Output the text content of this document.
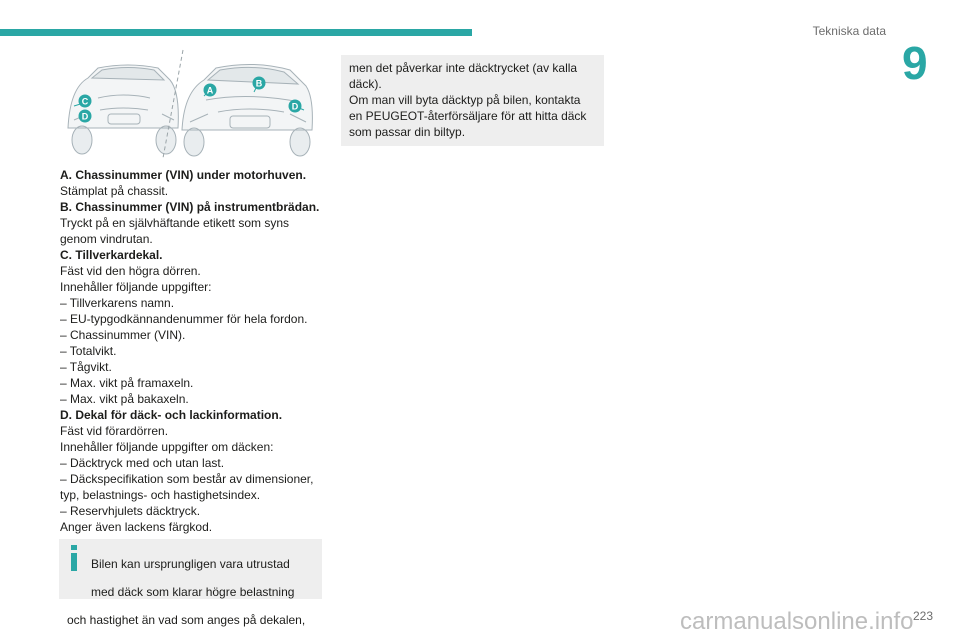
Tekniska data
9
C
D
A
B
D

A. Chassinummer (VIN) under motorhuven.

Stämplat på chassit.

B. Chassinummer (VIN) på instrumentbrädan.

Tryckt på en självhäftande etikett som syns

genom vindrutan.

C. Tillverkardekal.

Fäst vid den högra dörren.

Innehåller följande uppgifter:

– Tillverkarens namn.

– EU-typgodkännandenummer för hela fordon.

– Chassinummer (VIN).

– Totalvikt.

– Tågvikt.

– Max. vikt på framaxeln.

– Max. vikt på bakaxeln.

D. Dekal för däck- och lackinformation.

Fäst vid förardörren.

Innehåller följande uppgifter om däcken:

– Däcktryck med och utan last.

– Däckspecifikation som består av dimensioner,

typ, belastnings- och hastighetsindex.

– Reservhjulets däcktryck.

Anger även lackens färgkod.

Bilen kan ursprungligen vara utrustad

med däck som klarar högre belastning

och hastighet än vad som anges på dekalen,

men det påverkar inte däcktrycket (av kalla

däck).

Om man vill byta däcktyp på bilen, kontakta

en PEUGEOT-återförsäljare för att hitta däck

som passar din biltyp.

carmanualsonline.info 223
